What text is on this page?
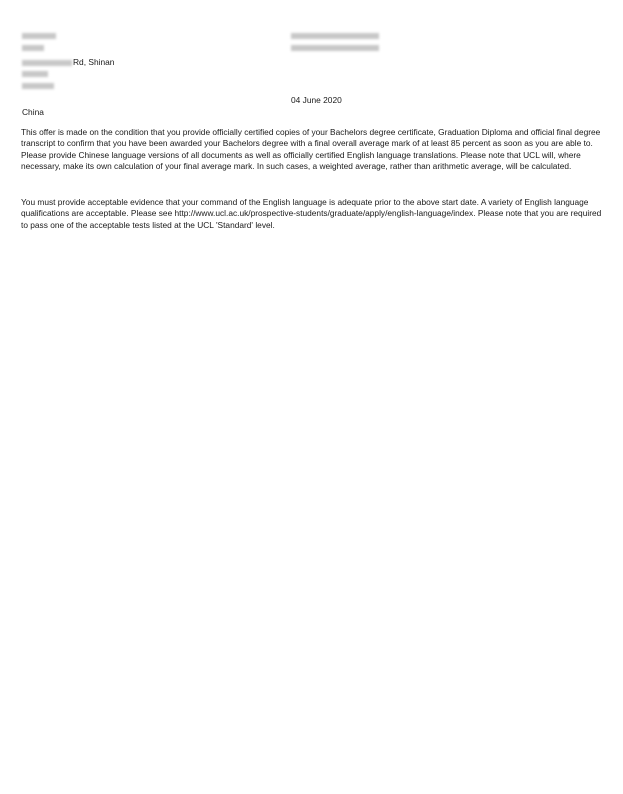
Rd, Shinan
04 June 2020
China

This offer is made on the condition that you provide officially certified copies of your Bachelors degree certificate, Graduation Diploma and official final degree transcript to confirm that you have been awarded your Bachelors degree with a final overall average mark of at least 85 percent as soon as you are able to. Please provide Chinese language versions of all documents as well as officially certified English language translations. Please note that UCL will, where necessary, make its own calculation of your final average mark. In such cases, a weighted average, rather than arithmetic average, will be calculated.

You must provide acceptable evidence that your command of the English language is adequate prior to the above start date. A variety of English language qualifications are acceptable. Please see http://www.ucl.ac.uk/prospective-students/graduate/apply/english-language/index. Please note that you are required to pass one of the acceptable tests listed at the UCL 'Standard' level.
